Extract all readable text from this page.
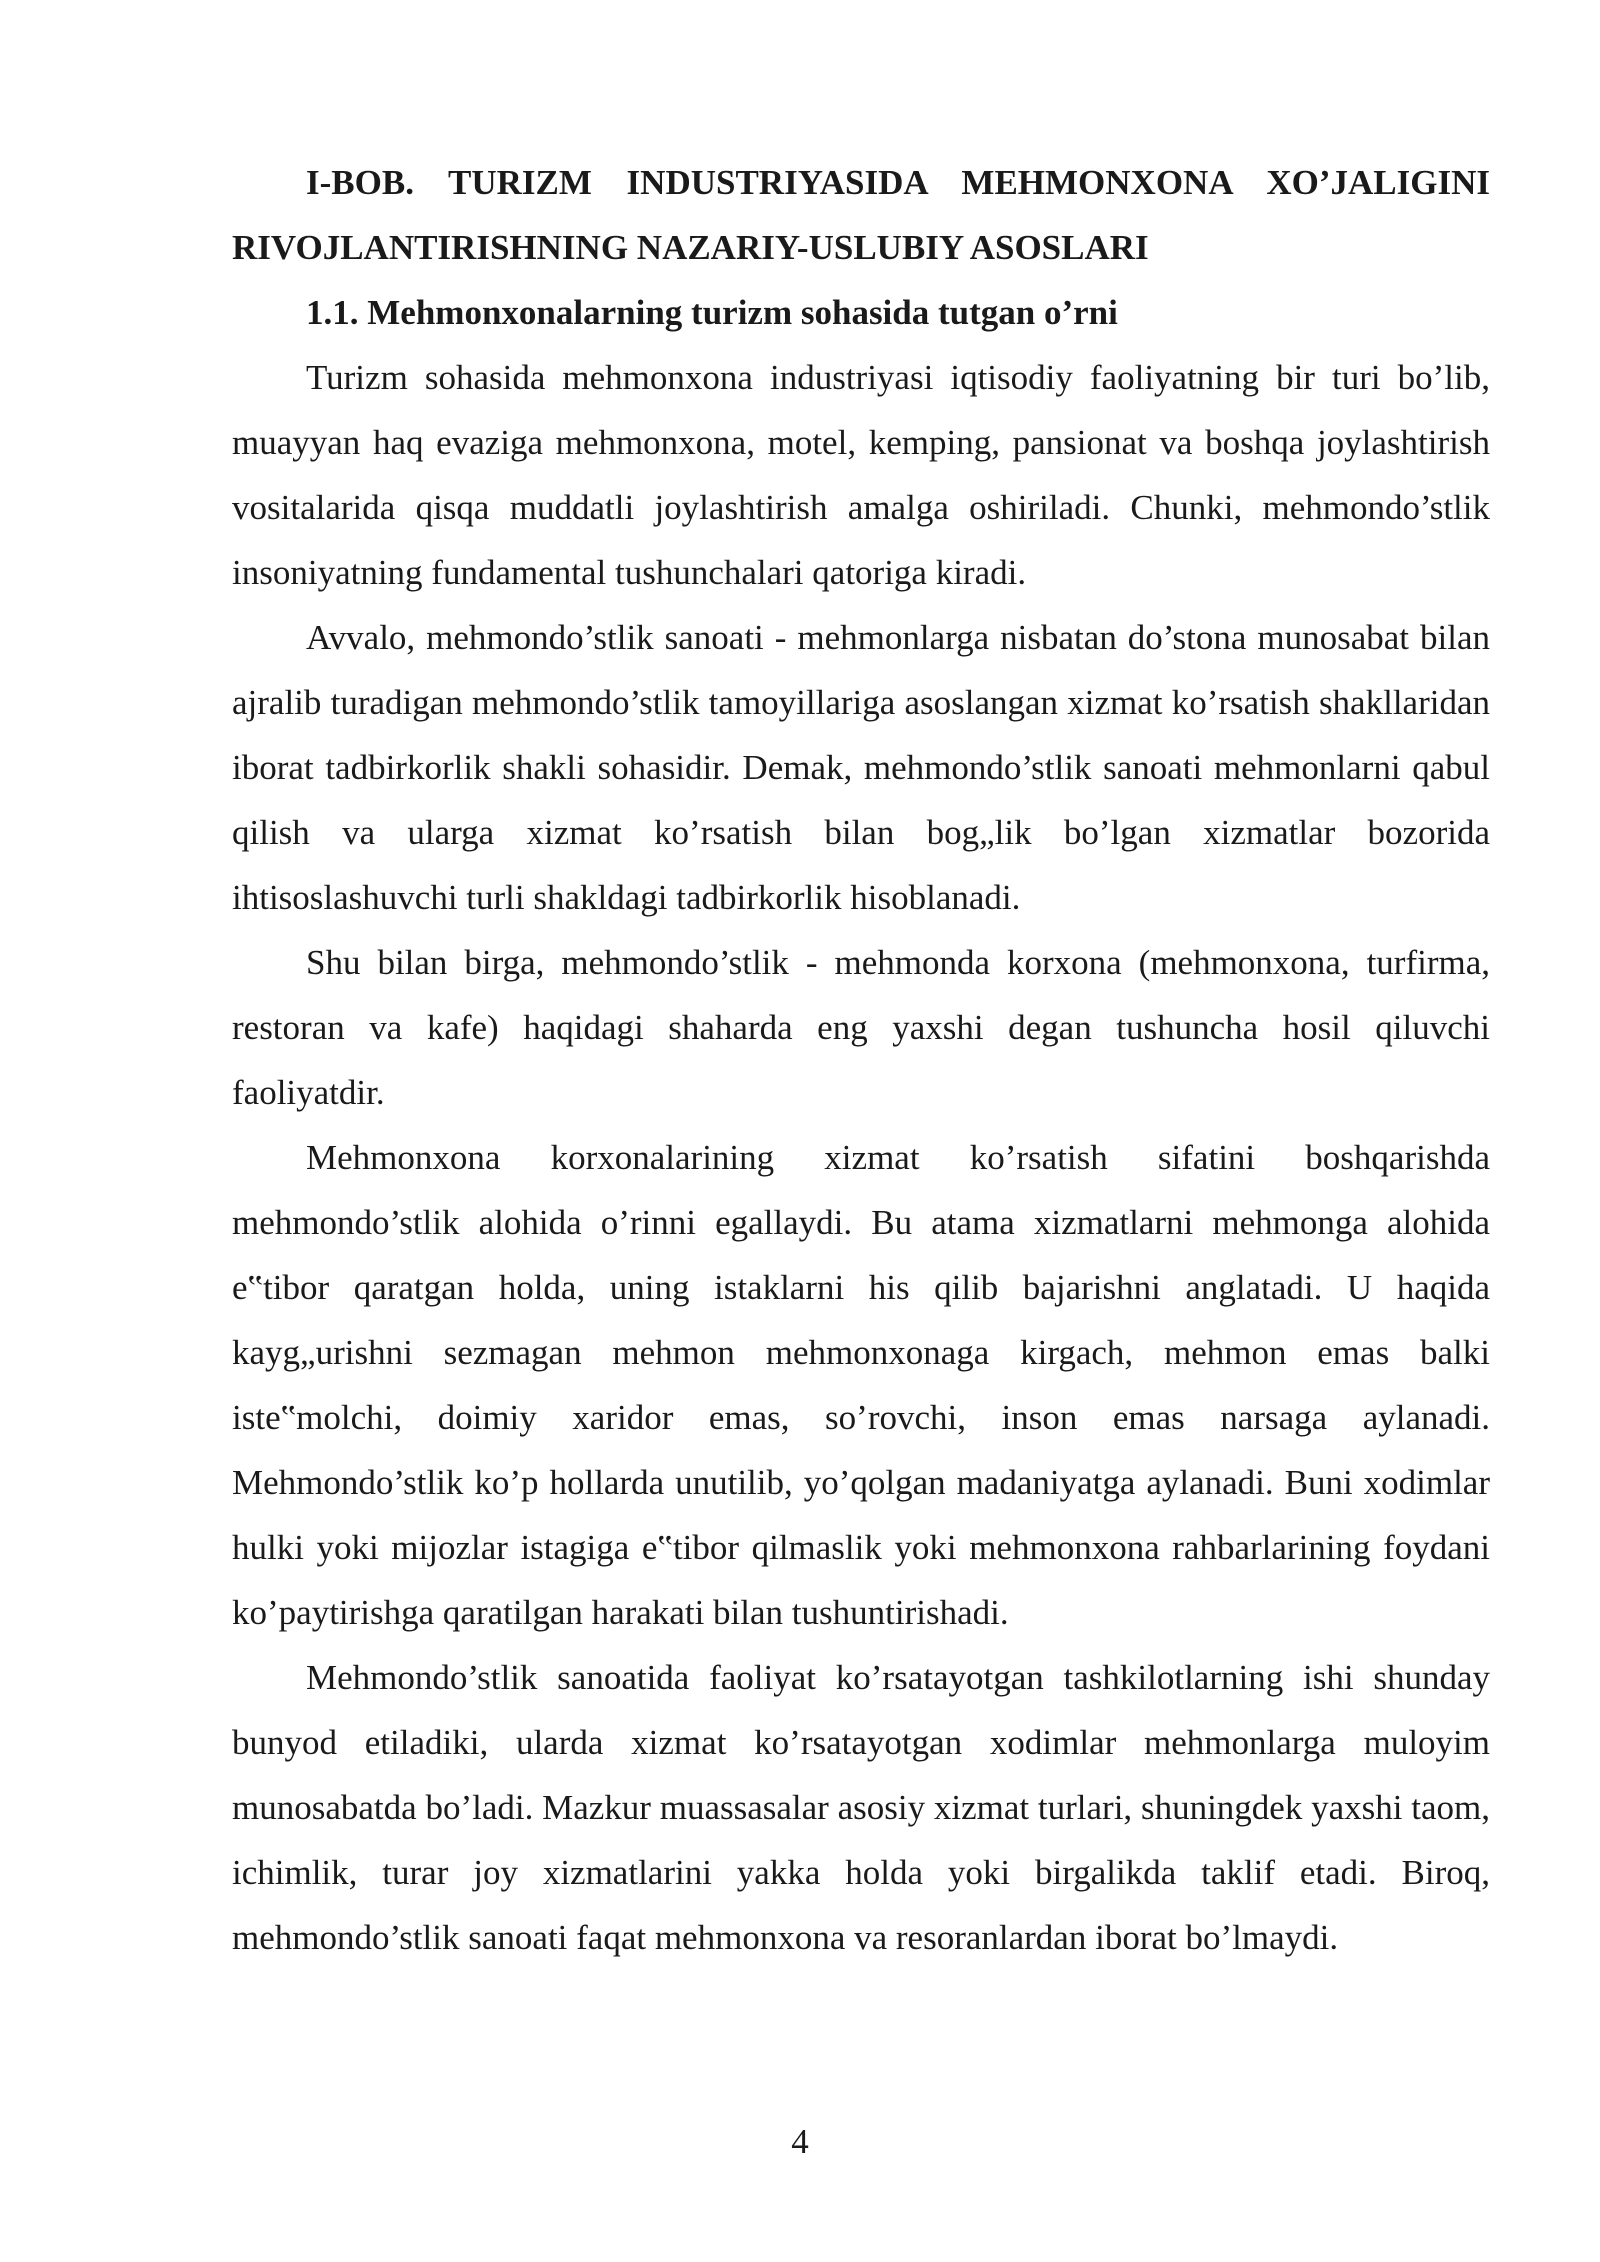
I-BOB. TURIZM INDUSTRIYASIDA MEHMONXONA XO’JALIGINI RIVOJLANTIRISHNING NAZARIY-USLUBIY ASOSLARI
1.1. Mehmonxonalarning turizm sohasida tutgan o’rni

Turizm sohasida mehmonxona industriyasi iqtisodiy faoliyatning bir turi bo’lib, muayyan haq evaziga mehmonxona, motel, kemping, pansionat va boshqa joylashtirish vositalarida qisqa muddatli joylashtirish amalga oshiriladi. Chunki, mehmondo’stlik insoniyatning fundamental tushunchalari qatoriga kiradi.

Avvalo, mehmondo’stlik sanoati - mehmonlarga nisbatan do’stona munosabat bilan ajralib turadigan mehmondo’stlik tamoyillariga asoslangan xizmat ko’rsatish shakllaridan iborat tadbirkorlik shakli sohasidir. Demak, mehmondo’stlik sanoati mehmonlarni qabul qilish va ularga xizmat ko’rsatish bilan bog„lik bo’lgan xizmatlar bozorida ihtisoslashuvchi turli shakldagi tadbirkorlik hisoblanadi.

Shu bilan birga, mehmondo’stlik - mehmonda korxona (mehmonxona, turfirma, restoran va kafe) haqidagi shaharda eng yaxshi degan tushuncha hosil qiluvchi faoliyatdir.

Mehmonxona korxonalarining xizmat ko’rsatish sifatini boshqarishda mehmondo’stlik alohida o’rinni egallaydi. Bu atama xizmatlarni mehmonga alohida e‟tibor qaratgan holda, uning istaklarni his qilib bajarishni anglatadi. U haqida kayg„urishni sezmagan mehmon mehmonxonaga kirgach, mehmon emas balki iste‟molchi, doimiy xaridor emas, so’rovchi, inson emas narsaga aylanadi. Mehmondo’stlik ko’p hollarda unutilib, yo’qolgan madaniyatga aylanadi. Buni xodimlar hulki yoki mijozlar istagiga e‟tibor qilmaslik yoki mehmonxona rahbarlarining foydani ko’paytirishga qaratilgan harakati bilan tushuntirishadi.

Mehmondo’stlik sanoatida faoliyat ko’rsatayotgan tashkilotlarning ishi shunday bunyod etiladiki, ularda xizmat ko’rsatayotgan xodimlar mehmonlarga muloyim munosabatda bo’ladi. Mazkur muassasalar asosiy xizmat turlari, shuningdek yaxshi taom, ichimlik, turar joy xizmatlarini yakka holda yoki birgalikda taklif etadi. Biroq, mehmondo’stlik sanoati faqat mehmonxona va resoranlardan iborat bo’lmaydi.

4
